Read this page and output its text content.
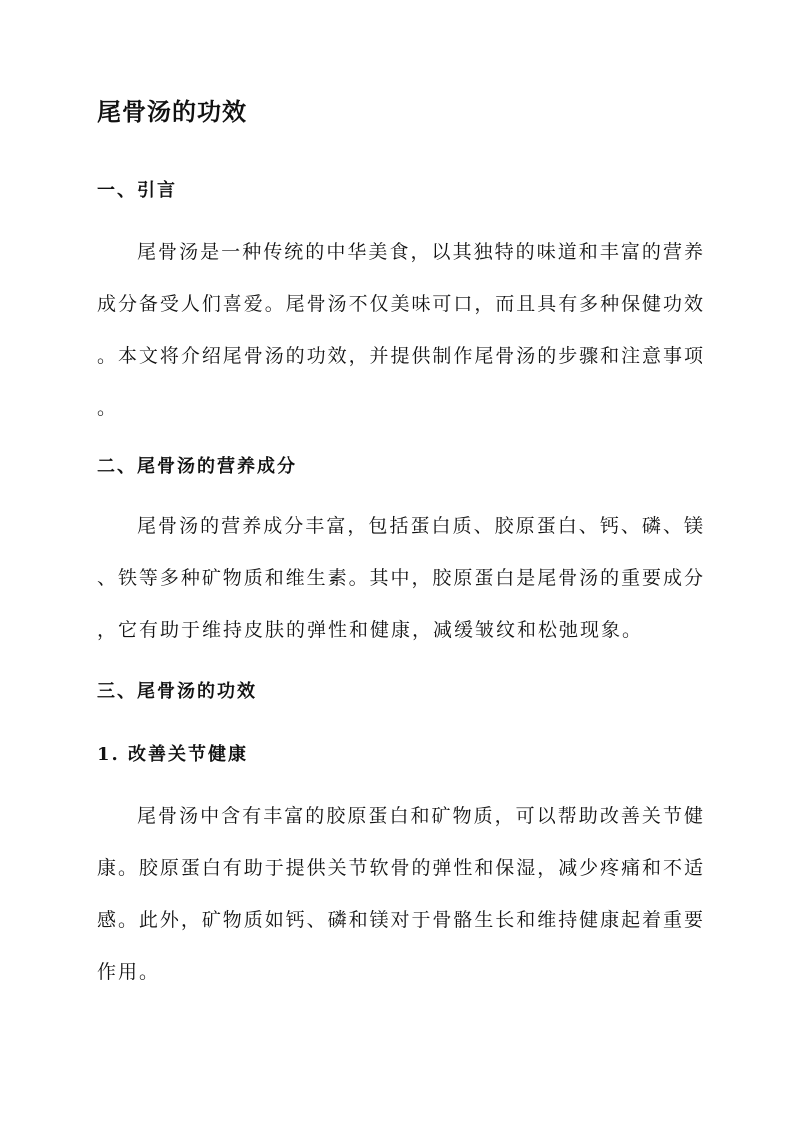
尾骨汤的功效
一、引言
尾骨汤是一种传统的中华美食，以其独特的味道和丰富的营养
成分备受人们喜爱。尾骨汤不仅美味可口，而且具有多种保健功效
。本文将介绍尾骨汤的功效，并提供制作尾骨汤的步骤和注意事项
。
二、尾骨汤的营养成分
尾骨汤的营养成分丰富，包括蛋白质、胶原蛋白、钙、磷、镁
、铁等多种矿物质和维生素。其中，胶原蛋白是尾骨汤的重要成分
，它有助于维持皮肤的弹性和健康，减缓皱纹和松弛现象。
三、尾骨汤的功效
1. 改善关节健康
尾骨汤中含有丰富的胶原蛋白和矿物质，可以帮助改善关节健
康。胶原蛋白有助于提供关节软骨的弹性和保湿，减少疼痛和不适
感。此外，矿物质如钙、磷和镁对于骨骼生长和维持健康起着重要
作用。
